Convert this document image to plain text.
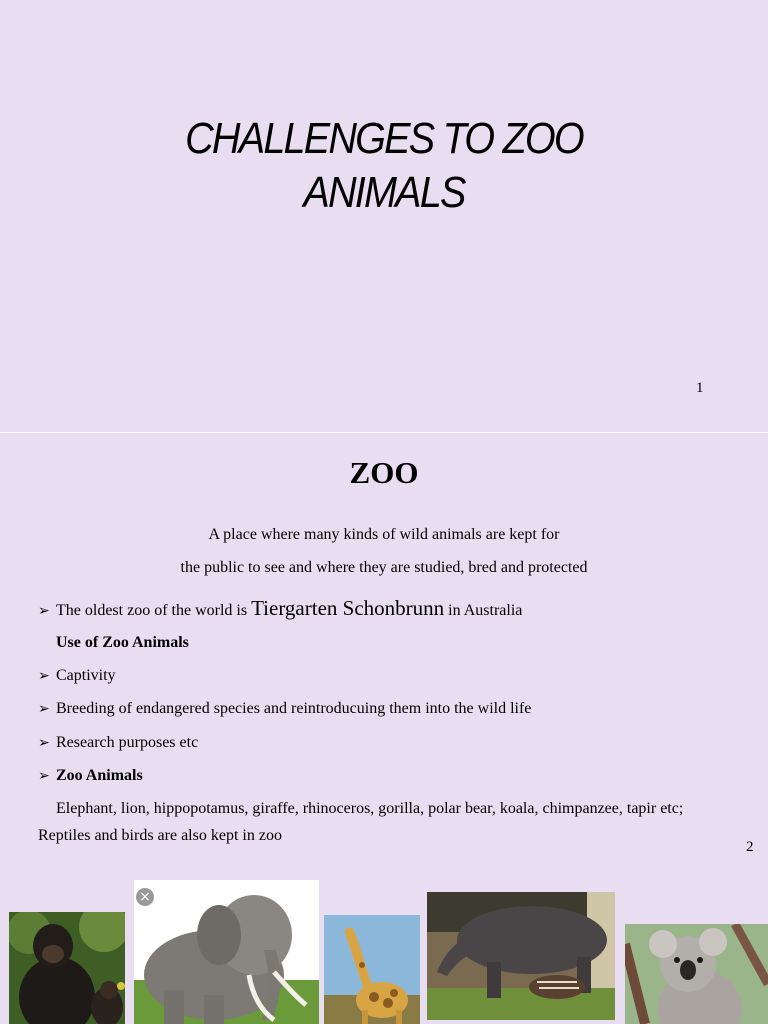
CHALLENGES TO ZOO
ANIMALS
1
ZOO
A place where many kinds of wild animals are kept for
the public to see and where they are studied, bred and protected
➢ The oldest zoo of the world is Tiergarten Schonbrunn in Australia
Use of Zoo Animals
➢ Captivity
➢ Breeding of endangered species and reintroducuing them into the wild life
➢ Research purposes etc
➢ Zoo Animals
Elephant, lion, hippopotamus, giraffe, rhinoceros, gorilla, polar bear, koala, chimpanzee, tapir etc;
Reptiles and birds are also kept in zoo
2
×
